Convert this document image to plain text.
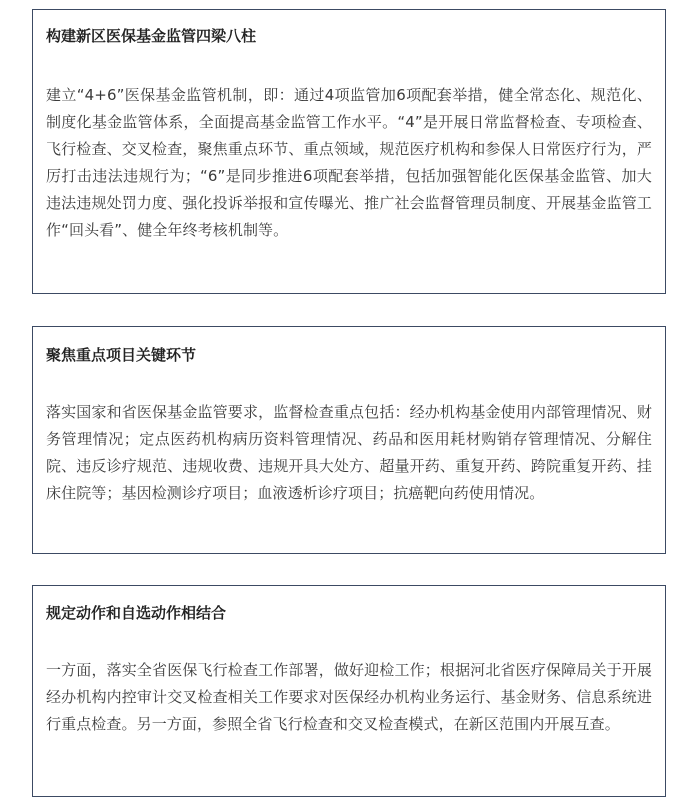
构建新区医保基金监管四梁八柱

建立“4+6”医保基金监管机制，即：通过4项监管加6项配套举措，健全常态化、规范化、制度化基金监管体系，全面提高基金监管工作水平。“4”是开展日常监督检查、专项检查、飞行检查、交叉检查，聚焦重点环节、重点领域，规范医疗机构和参保人日常医疗行为，严厉打击违法违规行为；“6”是同步推进6项配套举措，包括加强智能化医保基金监管、加大违法违规处罚力度、强化投诉举报和宣传曝光、推广社会监督管理员制度、开展基金监管工作“回头看”、健全年终考核机制等。

聚焦重点项目关键环节

落实国家和省医保基金监管要求，监督检查重点包括：经办机构基金使用内部管理情况、财务管理情况；定点医药机构病历资料管理情况、药品和医用耗材购销存管理情况、分解住院、违反诊疗规范、违规收费、违规开具大处方、超量开药、重复开药、跨院重复开药、挂床住院等；基因检测诊疗项目；血液透析诊疗项目；抗癌靶向药使用情况。

规定动作和自选动作相结合

一方面，落实全省医保飞行检查工作部署，做好迎检工作；根据河北省医疗保障局关于开展经办机构内控审计交叉检查相关工作要求对医保经办机构业务运行、基金财务、信息系统进行重点检查。另一方面，参照全省飞行检查和交叉检查模式，在新区范围内开展互查。
